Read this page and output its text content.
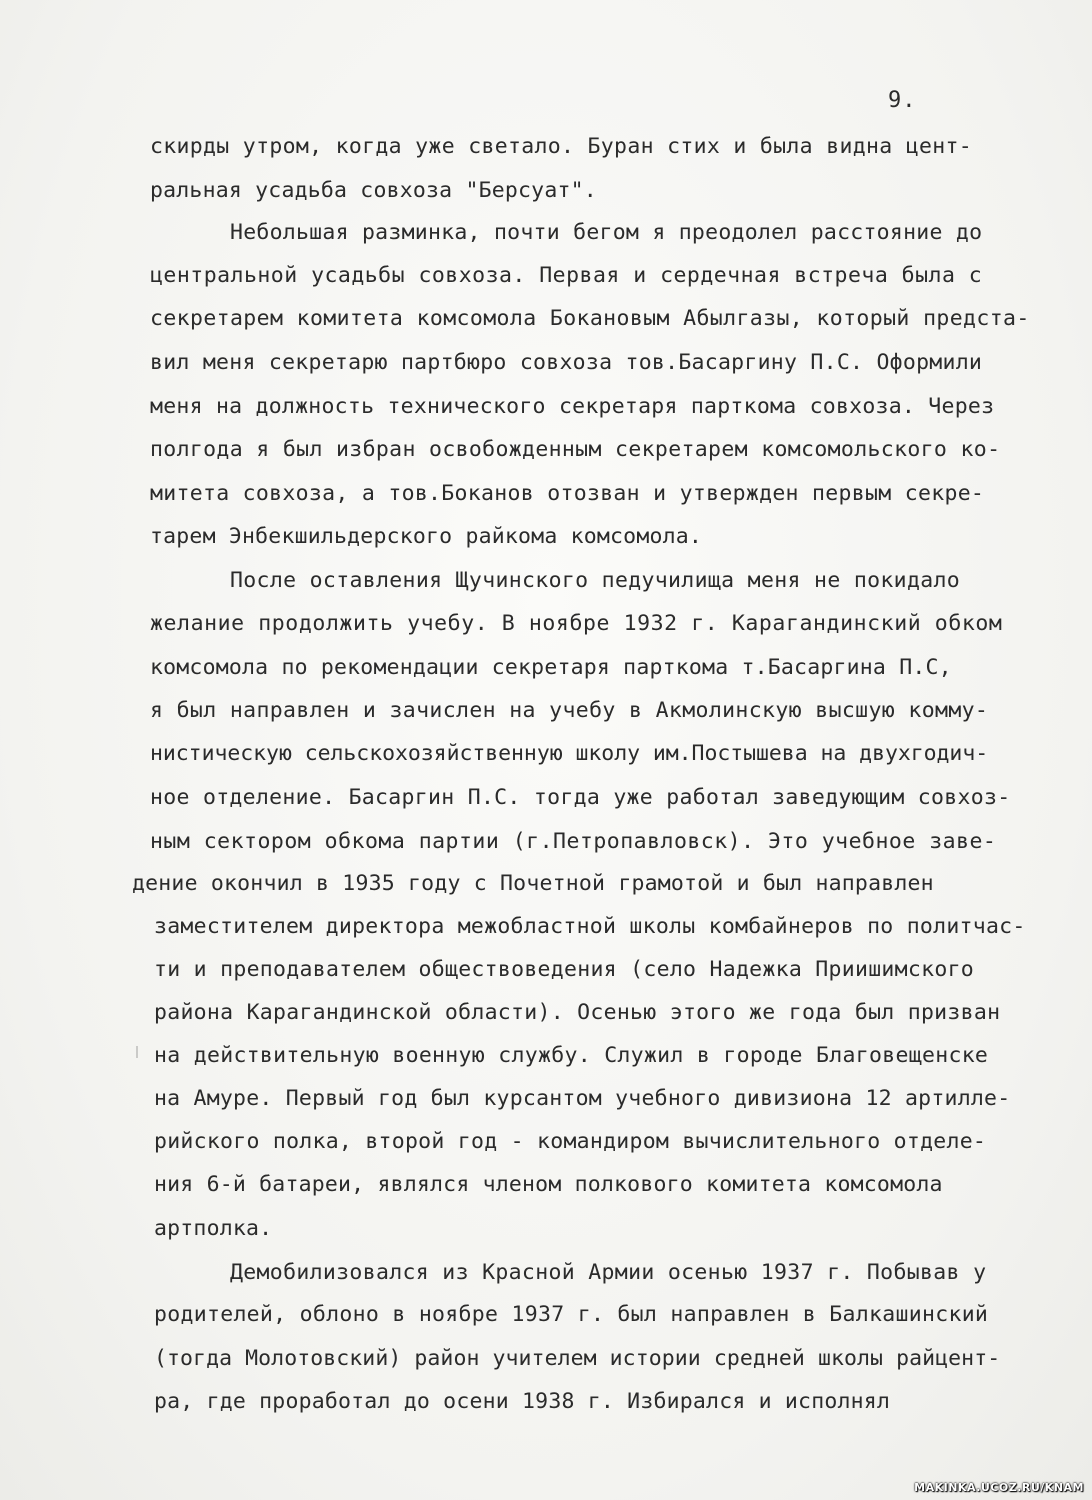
9.
скирды утром, когда уже светало. Буран стих и была видна цент-
ральная усадьба совхоза "Берсуат".
Небольшая разминка, почти бегом я преодолел расстояние до
центральной усадьбы совхоза. Первая и сердечная встреча была с
секретарем комитета комсомола Бокановым Абылгазы, который предста-
вил меня секретарю партбюро совхоза тов.Басаргину П.С. Оформили
меня на должность технического секретаря парткома совхоза. Через
полгода я был избран освобожденным секретарем комсомольского ко-
митета совхоза, а тов.Боканов отозван и утвержден первым секре-
тарем Энбекшильдерского райкома комсомола.
После оставления Щучинского педучилища меня не покидало
желание продолжить учебу. В ноябре 1932 г. Карагандинский обком
комсомола по рекомендации секретаря парткома т.Басаргина П.С,
я был направлен и зачислен на учебу в Акмолинскую высшую комму-
нистическую сельскохозяйственную школу им.Постышева на двухгодич-
ное отделение. Басаргин П.С. тогда уже работал заведующим совхоз-
ным сектором обкома партии (г.Петропавловск). Это учебное заве-
дение окончил в 1935 году с Почетной грамотой и был направлен
заместителем директора межобластной школы комбайнеров по политчас-
ти и преподавателем обществоведения (село Надежка Приишимского
района Карагандинской области). Осенью этого же года был призван
на действительную военную службу. Служил в городе Благовещенске
на Амуре. Первый год был курсантом учебного дивизиона 12 артилле-
рийского полка, второй год - командиром вычислительного отделе-
ния 6-й батареи, являлся членом полкового комитета комсомола
артполка.
Демобилизовался из Красной Армии осенью 1937 г. Побывав у
родителей, облоно в ноябре 1937 г. был направлен в Балкашинский
(тогда Молотовский) район учителем истории средней школы райцент-
ра, где проработал до осени 1938 г. Избирался и исполнял
MAKINKA.UCOZ.RU/KNAM
